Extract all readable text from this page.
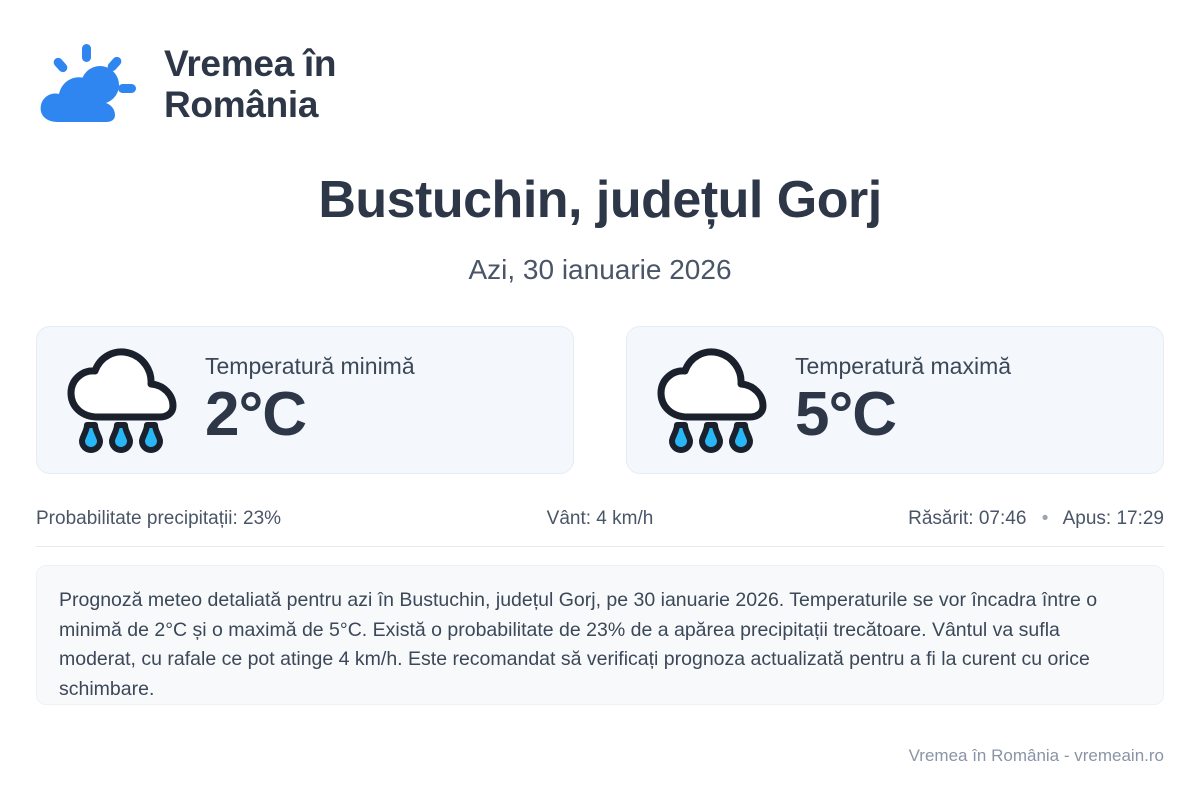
Vremea în
România
Bustuchin, județul Gorj
Azi, 30 ianuarie 2026
Temperatură minimă
2°C
Temperatură maximă
5°C
Probabilitate precipitații: 23%	Vânt: 4 km/h	Răsărit: 07:46 • Apus: 17:29
Prognoză meteo detaliată pentru azi în Bustuchin, județul Gorj, pe 30 ianuarie 2026. Temperaturile se vor încadra între o minimă de 2°C și o maximă de 5°C. Există o probabilitate de 23% de a apărea precipitații trecătoare. Vântul va sufla moderat, cu rafale ce pot atinge 4 km/h. Este recomandat să verificați prognoza actualizată pentru a fi la curent cu orice schimbare.
Vremea în România - vremeain.ro
